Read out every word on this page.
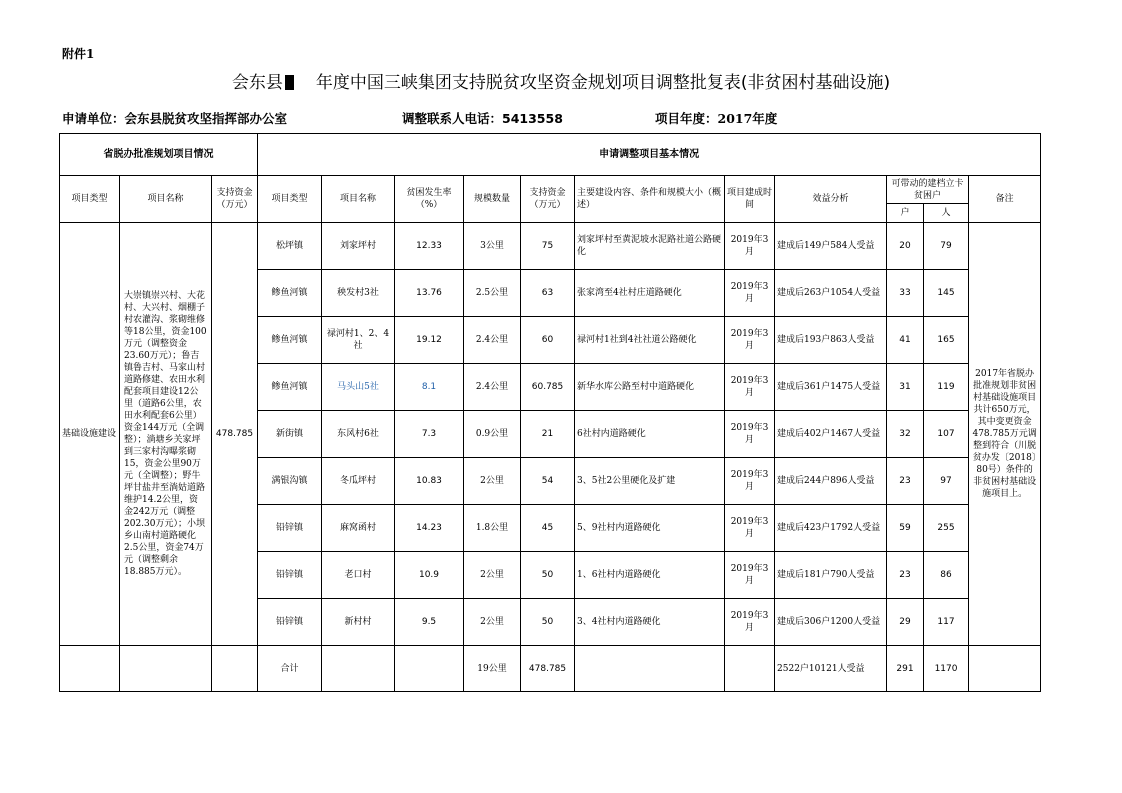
附件1
会东县 年度中国三峡集团支持脱贫攻坚资金规划项目调整批复表(非贫困村基础设施)
申请单位：会东县脱贫攻坚指挥部办公室	调整联系人电话：5413558	项目年度：2017年度
省脱办批准规划项目情况			申请调整项目基本情况										
项目类型	项目名称	支持资金（万元）	项目类型	项目名称	贫困发生率（%）	规模数量	支持资金（万元）	主要建设内容、条件和规模大小（概述）	项目建成时间	效益分析	可带动的建档立卡贫困户		备注
											户	人	
基础设施建设	大崇镇崇兴村、大花村、大兴村、烟棚子村农灌沟、浆砌维修等18公里，资金100万元（调整资金23.60万元）；鲁吉镇鲁吉村、马家山村道路修建、农田水利配套项目建设12公里（道路6公里，农田水利配套6公里）资金144万元（全调整）；淌塘乡关家坪到三家村沟曝浆砌15，资金公里90万元（全调整）；野牛坪甘盐井至淌姑道路维护14.2公里，资金242万元（调整202.30万元）；小坝乡山南村道路硬化2.5公里，资金74万元（调整剩余18.885万元）。	478.785	松坪镇	刘家坪村	12.33	3公里	75	刘家坪村至黄泥坡水泥路社道公路硬化	2019年3月	建成后149户584人受益	20	79	2017年省脱办批准规划非贫困村基础设施项目共计650万元，其中变更资金478.785万元调整到符合（川脱贫办发〔2018〕80号）条件的非贫困村基础设施项目上。
			鲹鱼河镇	秧发村3社	13.76	2.5公里	63	张家湾至4社村庄道路硬化	2019年3月	建成后263户1054人受益	33	145	
			鲹鱼河镇	禄河村1、2、4社	19.12	2.4公里	60	禄河村1社到4社社道公路硬化	2019年3月	建成后193户863人受益	41	165	
			鲹鱼河镇	马头山5社	8.1	2.4公里	60.785	新华水库公路至村中道路硬化	2019年3月	建成后361户1475人受益	31	119	
			新街镇	东风村6社	7.3	0.9公里	21	6社村内道路硬化	2019年3月	建成后402户1467人受益	32	107	
			满银沟镇	冬瓜坪村	10.83	2公里	54	3、5社2公里硬化及扩建	2019年3月	建成后244户896人受益	23	97	
			铅锌镇	麻窝函村	14.23	1.8公里	45	5、9社村内道路硬化	2019年3月	建成后423户1792人受益	59	255	
			铅锌镇	老口村	10.9	2公里	50	1、6社村内道路硬化	2019年3月	建成后181户790人受益	23	86	
			铅锌镇	新村村	9.5	2公里	50	3、4社村内道路硬化	2019年3月	建成后306户1200人受益	29	117	
			合计			19公里	478.785			2522户10121人受益	291	1170	
